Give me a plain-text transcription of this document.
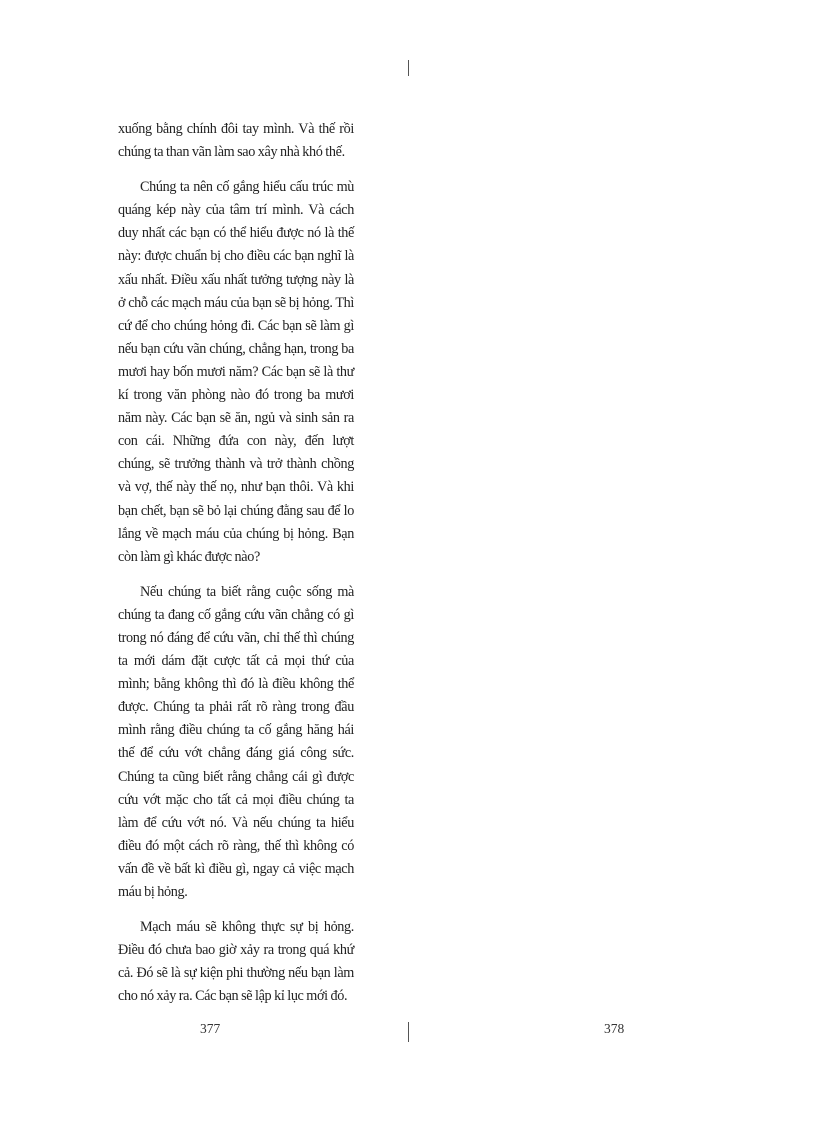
xuống bằng chính đôi tay mình. Và thế rồi chúng ta than vãn làm sao xây nhà khó thế.

Chúng ta nên cố gắng hiểu cấu trúc mù quáng kép này của tâm trí mình. Và cách duy nhất các bạn có thể hiểu được nó là thế này: được chuẩn bị cho điều các bạn nghĩ là xấu nhất. Điều xấu nhất tưởng tượng này là ở chỗ các mạch máu của bạn sẽ bị hỏng. Thì cứ để cho chúng hỏng đi. Các bạn sẽ làm gì nếu bạn cứu vãn chúng, chẳng hạn, trong ba mươi hay bốn mươi năm? Các bạn sẽ là thư kí trong văn phòng nào đó trong ba mươi năm này. Các bạn sẽ ăn, ngủ và sinh sản ra con cái. Những đứa con này, đến lượt chúng, sẽ trưởng thành và trở thành chồng và vợ, thế này thế nọ, như bạn thôi. Và khi bạn chết, bạn sẽ bỏ lại chúng đằng sau để lo lắng về mạch máu của chúng bị hỏng. Bạn còn làm gì khác được nào?

Nếu chúng ta biết rằng cuộc sống mà chúng ta đang cố gắng cứu vãn chẳng có gì trong nó đáng để cứu vãn, chỉ thế thì chúng ta mới dám đặt cược tất cả mọi thứ của mình; bằng không thì đó là điều không thể được. Chúng ta phải rất rõ ràng trong đầu mình rằng điều chúng ta cố gắng hăng hái thế để cứu vớt chẳng đáng giá công sức. Chúng ta cũng biết rằng chẳng cái gì được cứu vớt mặc cho tất cả mọi điều chúng ta làm để cứu vớt nó. Và nếu chúng ta hiểu điều đó một cách rõ ràng, thế thì không có vấn đề về bất kì điều gì, ngay cả việc mạch máu bị hỏng.

Mạch máu sẽ không thực sự bị hỏng. Điều đó chưa bao giờ xảy ra trong quá khứ cả. Đó sẽ là sự kiện phi thường nếu bạn làm cho nó xảy ra. Các bạn sẽ lập kỉ lục mới đó.

377	378
